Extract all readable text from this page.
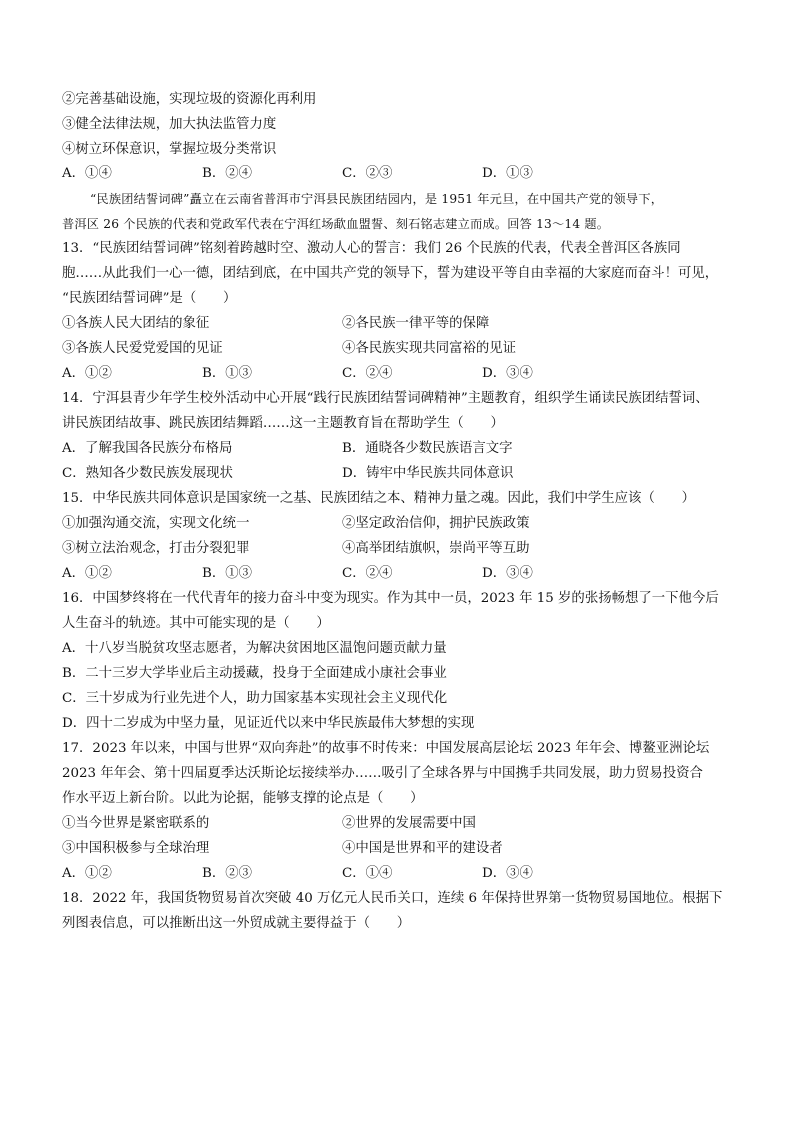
②完善基础设施，实现垃圾的资源化再利用
③健全法律法规，加大执法监管力度
④树立环保意识，掌握垃圾分类常识
A．①④	B．②④	C．②③	D．①③
“民族团结誓词碑”矗立在云南省普洱市宁洱县民族团结园内，是 1951 年元旦，在中国共产党的领导下，
普洱区 26 个民族的代表和党政军代表在宁洱红场歃血盟誓、刻石铭志建立而成。回答 13～14 题。
13．“民族团结誓词碑”铭刻着跨越时空、激动人心的誓言：我们 26 个民族的代表，代表全普洱区各族同
胞……从此我们一心一德，团结到底，在中国共产党的领导下，誓为建设平等自由幸福的大家庭而奋斗！可见，
“民族团结誓词碑”是（　　）
①各族人民大团结的象征	②各民族一律平等的保障
③各族人民爱党爱国的见证	④各民族实现共同富裕的见证
A．①②	B．①③	C．②④	D．③④
14．宁洱县青少年学生校外活动中心开展“践行民族团结誓词碑精神”主题教育，组织学生诵读民族团结誓词、
讲民族团结故事、跳民族团结舞蹈……这一主题教育旨在帮助学生（　　）
A．了解我国各民族分布格局	B．通晓各少数民族语言文字
C．熟知各少数民族发展现状	D．铸牢中华民族共同体意识
15．中华民族共同体意识是国家统一之基、民族团结之本、精神力量之魂。因此，我们中学生应该（　　）
①加强沟通交流，实现文化统一	②坚定政治信仰，拥护民族政策
③树立法治观念，打击分裂犯罪	④高举团结旗帜，崇尚平等互助
A．①②	B．①③	C．②④	D．③④
16．中国梦终将在一代代青年的接力奋斗中变为现实。作为其中一员，2023 年 15 岁的张扬畅想了一下他今后
人生奋斗的轨迹。其中可能实现的是（　　）
A．十八岁当脱贫攻坚志愿者，为解决贫困地区温饱问题贡献力量
B．二十三岁大学毕业后主动援藏，投身于全面建成小康社会事业
C．三十岁成为行业先进个人，助力国家基本实现社会主义现代化
D．四十二岁成为中坚力量，见证近代以来中华民族最伟大梦想的实现
17．2023 年以来，中国与世界“双向奔赴”的故事不时传来：中国发展高层论坛 2023 年年会、博鳌亚洲论坛
2023 年年会、第十四届夏季达沃斯论坛接续举办……吸引了全球各界与中国携手共同发展，助力贸易投资合
作水平迈上新台阶。以此为论据，能够支撑的论点是（　　）
①当今世界是紧密联系的	②世界的发展需要中国
③中国积极参与全球治理	④中国是世界和平的建设者
A．①②	B．②③	C．①④	D．③④
18．2022 年，我国货物贸易首次突破 40 万亿元人民币关口，连续 6 年保持世界第一货物贸易国地位。根据下
列图表信息，可以推断出这一外贸成就主要得益于（　　）
